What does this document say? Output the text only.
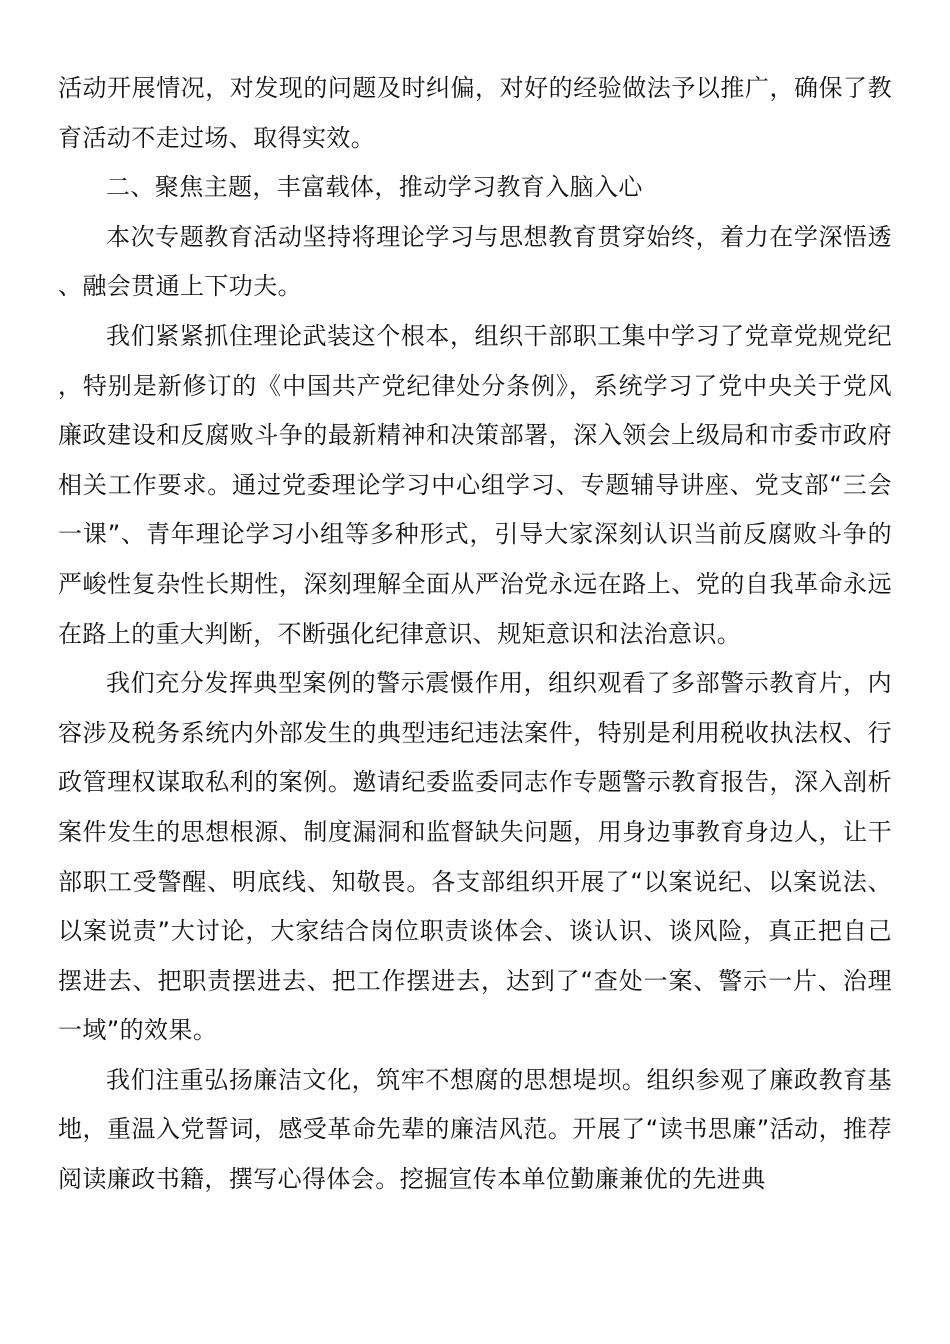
活动开展情况，对发现的问题及时纠偏，对好的经验做法予以推广，确保了教育活动不走过场、取得实效。

二、聚焦主题，丰富载体，推动学习教育入脑入心

本次专题教育活动坚持将理论学习与思想教育贯穿始终，着力在学深悟透、融会贯通上下功夫。

我们紧紧抓住理论武装这个根本，组织干部职工集中学习了党章党规党纪，特别是新修订的《中国共产党纪律处分条例》，系统学习了党中央关于党风廉政建设和反腐败斗争的最新精神和决策部署，深入领会上级局和市委市政府相关工作要求。通过党委理论学习中心组学习、专题辅导讲座、党支部“三会一课”、青年理论学习小组等多种形式，引导大家深刻认识当前反腐败斗争的严峻性复杂性长期性，深刻理解全面从严治党永远在路上、党的自我革命永远在路上的重大判断，不断强化纪律意识、规矩意识和法治意识。

我们充分发挥典型案例的警示震慑作用，组织观看了多部警示教育片，内容涉及税务系统内外部发生的典型违纪违法案件，特别是利用税收执法权、行政管理权谋取私利的案例。邀请纪委监委同志作专题警示教育报告，深入剖析案件发生的思想根源、制度漏洞和监督缺失问题，用身边事教育身边人，让干部职工受警醒、明底线、知敬畏。各支部组织开展了“以案说纪、以案说法、以案说责”大讨论，大家结合岗位职责谈体会、谈认识、谈风险，真正把自己摆进去、把职责摆进去、把工作摆进去，达到了“查处一案、警示一片、治理一域”的效果。

我们注重弘扬廉洁文化，筑牢不想腐的思想堤坝。组织参观了廉政教育基地，重温入党誓词，感受革命先辈的廉洁风范。开展了“读书思廉”活动，推荐阅读廉政书籍，撰写心得体会。挖掘宣传本单位勤廉兼优的先进典
